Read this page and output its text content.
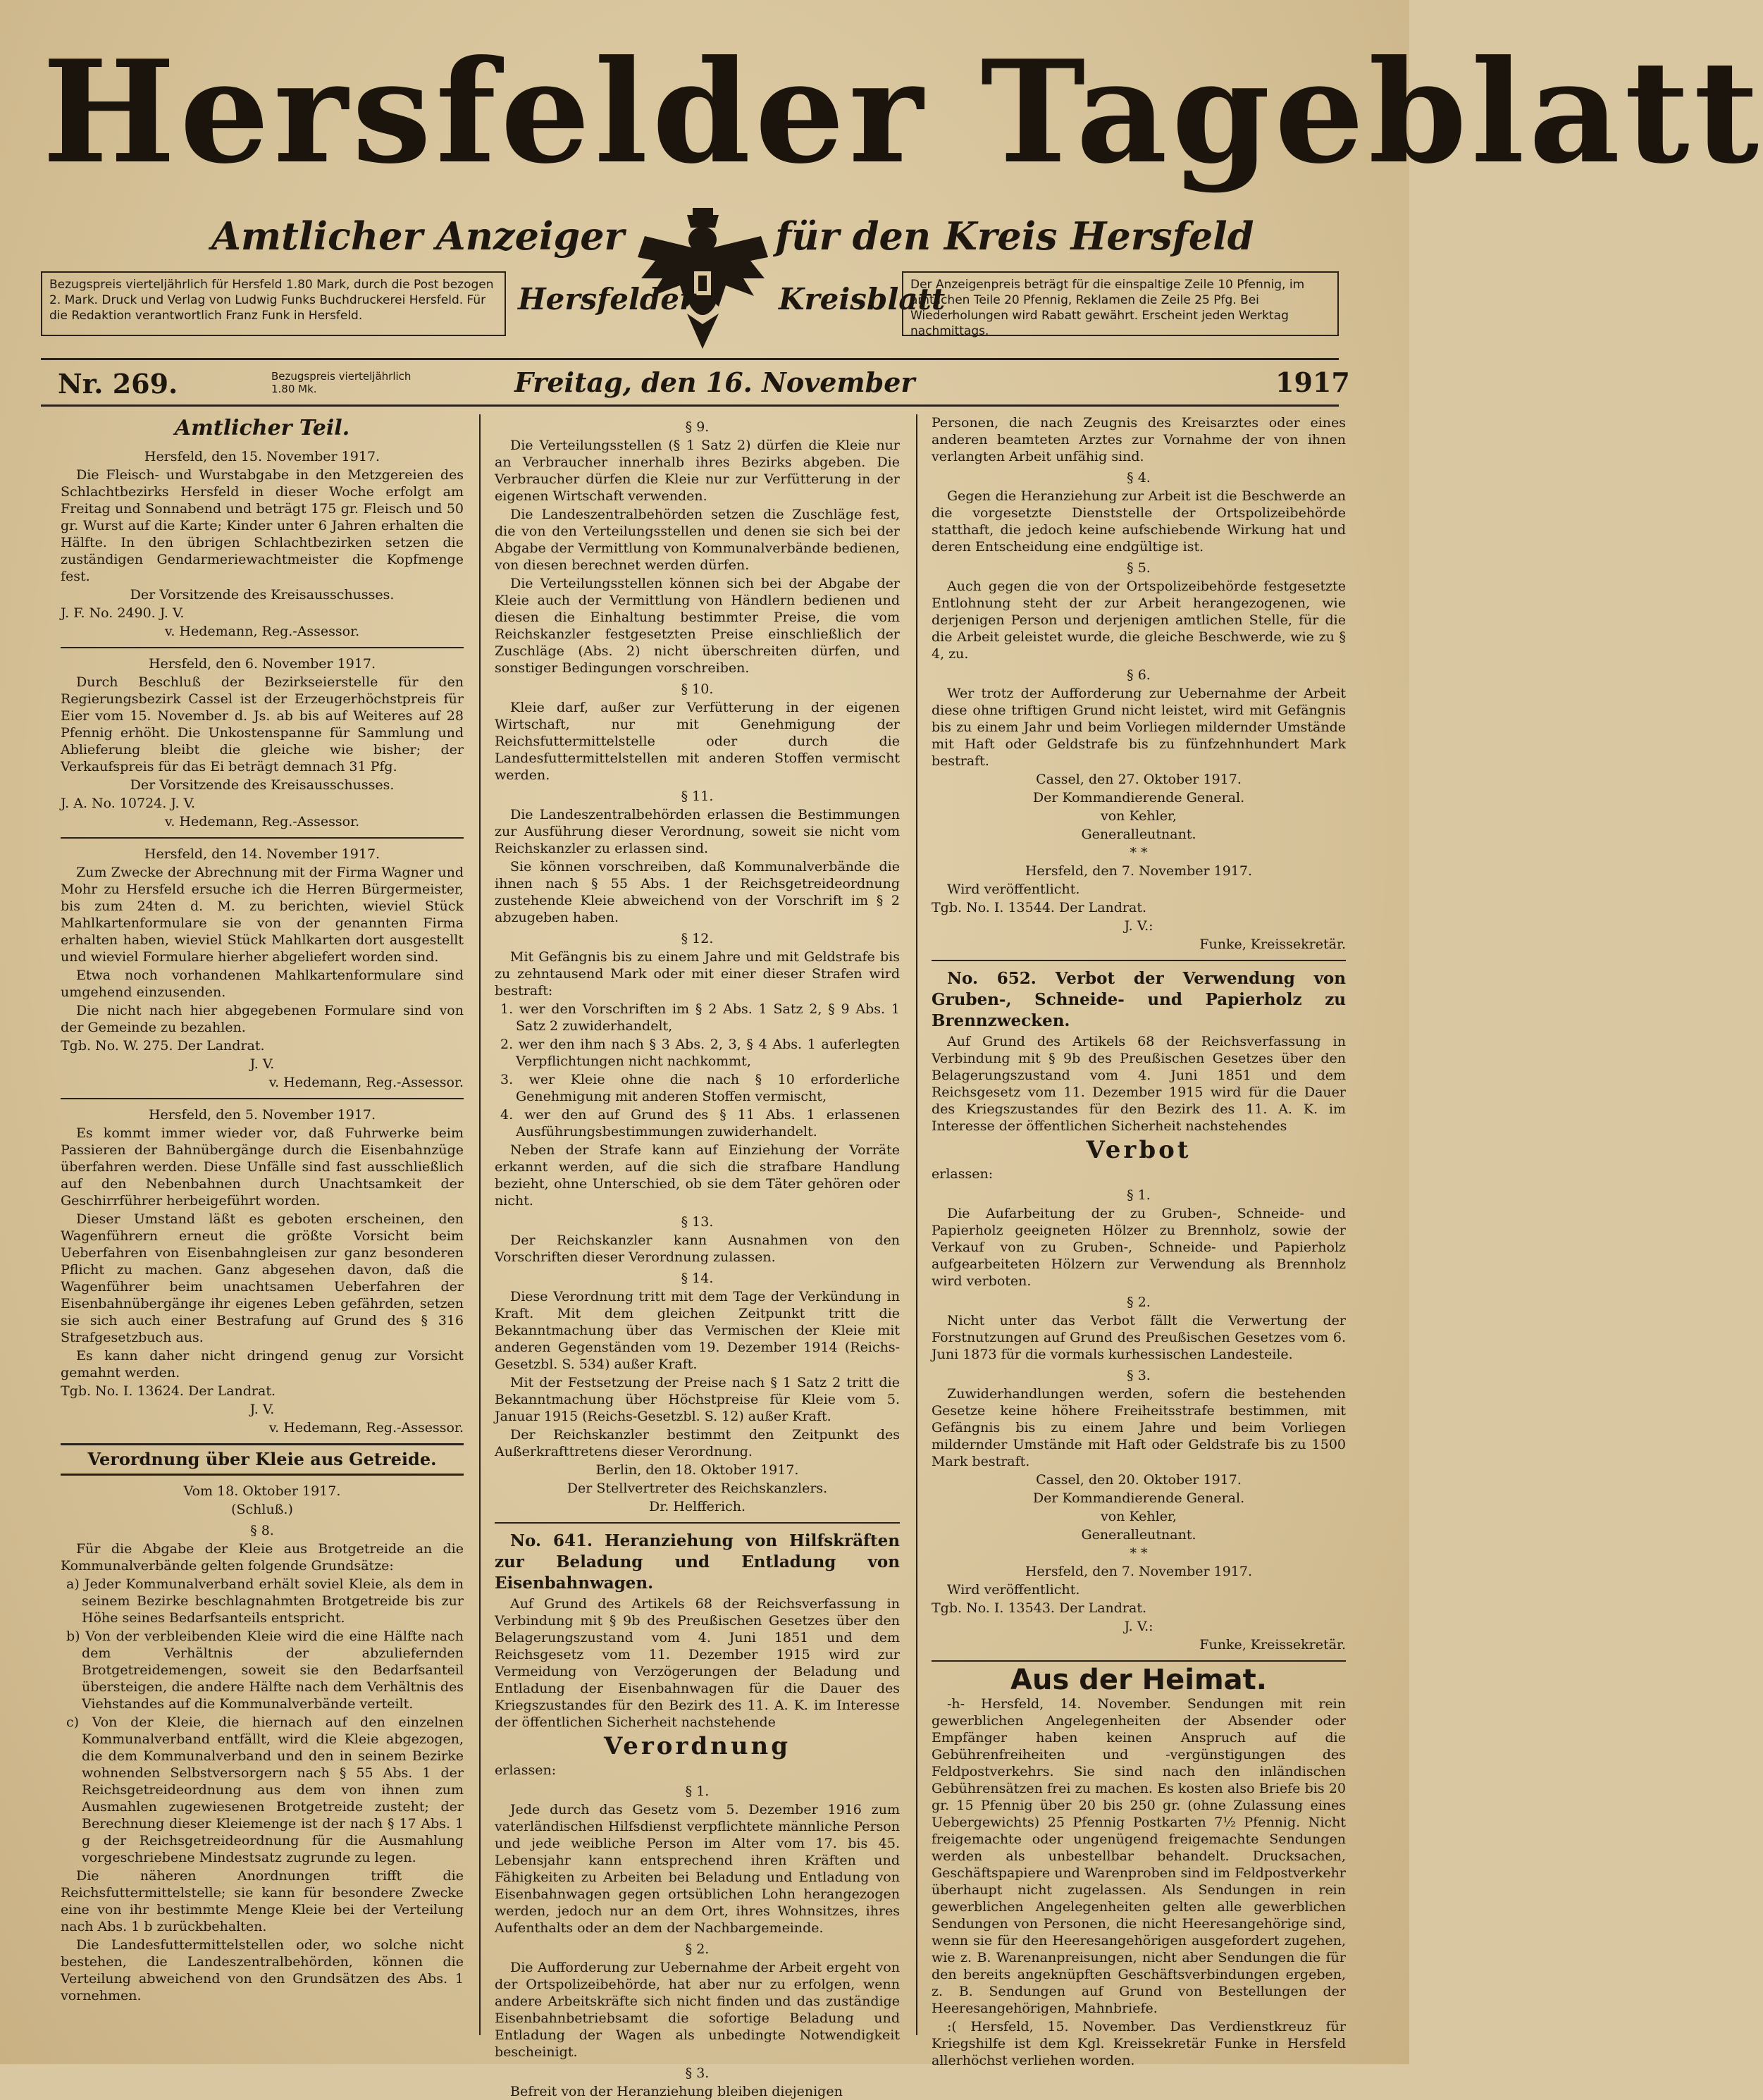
Hersfelder Tageblatt
Amtlicher Anzeiger	für den Kreis Hersfeld
Hersfelder	Kreisblatt
Bezugspreis vierteljährlich für Hersfeld 1.80 Mark, durch die Post bezogen 2. Mark. Druck und Verlag von Ludwig Funks Buchdruckerei Hersfeld. Für die Redaktion verantwortlich Franz Funk in Hersfeld.
Der Anzeigenpreis beträgt für die einspaltige Zeile 10 Pfennig, im amtlichen Teile 20 Pfennig, Reklamen die Zeile 25 Pfg. Bei Wiederholungen wird Rabatt gewährt. Erscheint jeden Werktag nachmittags.
Nr. 269.	Bezugspreis vierteljährlich
1.80 Mk.	Freitag, den 16. November	1917
Amtlicher Teil.

Hersfeld, den 15. November 1917.

Die Fleisch- und Wurstabgabe in den Metzgereien des Schlachtbezirks Hersfeld in dieser Woche erfolgt am Freitag und Sonnabend und beträgt 175 gr. Fleisch und 50 gr. Wurst auf die Karte; Kinder unter 6 Jahren erhalten die Hälfte. In den übrigen Schlachtbezirken setzen die zuständigen Gendarmeriewachtmeister die Kopfmenge fest.

Der Vorsitzende des Kreisausschusses.

J. F. No. 2490. J. V.

v. Hedemann, Reg.-Assessor.

Hersfeld, den 6. November 1917.

Durch Beschluß der Bezirkseierstelle für den Regierungsbezirk Cassel ist der Erzeugerhöchstpreis für Eier vom 15. November d. Js. ab bis auf Weiteres auf 28 Pfennig erhöht. Die Unkostenspanne für Sammlung und Ablieferung bleibt die gleiche wie bisher; der Verkaufspreis für das Ei beträgt demnach 31 Pfg.

Der Vorsitzende des Kreisausschusses.

J. A. No. 10724. J. V.

v. Hedemann, Reg.-Assessor.

Hersfeld, den 14. November 1917.

Zum Zwecke der Abrechnung mit der Firma Wagner und Mohr zu Hersfeld ersuche ich die Herren Bürgermeister, bis zum 24ten d. M. zu berichten, wieviel Stück Mahlkartenformulare sie von der genannten Firma erhalten haben, wieviel Stück Mahlkarten dort ausgestellt und wieviel Formulare hierher abgeliefert worden sind.

Etwa noch vorhandenen Mahlkartenformulare sind umgehend einzusenden.

Die nicht nach hier abgegebenen Formulare sind von der Gemeinde zu bezahlen.

Tgb. No. W. 275. Der Landrat.

J. V.

v. Hedemann, Reg.-Assessor.

Hersfeld, den 5. November 1917.

Es kommt immer wieder vor, daß Fuhrwerke beim Passieren der Bahnübergänge durch die Eisenbahnzüge überfahren werden. Diese Unfälle sind fast ausschließlich auf den Nebenbahnen durch Unachtsamkeit der Geschirrführer herbeigeführt worden.

Dieser Umstand läßt es geboten erscheinen, den Wagenführern erneut die größte Vorsicht beim Ueberfahren von Eisenbahngleisen zur ganz besonderen Pflicht zu machen. Ganz abgesehen davon, daß die Wagenführer beim unachtsamen Ueberfahren der Eisenbahnübergänge ihr eigenes Leben gefährden, setzen sie sich auch einer Bestrafung auf Grund des § 316 Strafgesetzbuch aus.

Es kann daher nicht dringend genug zur Vorsicht gemahnt werden.

Tgb. No. I. 13624. Der Landrat.

J. V.

v. Hedemann, Reg.-Assessor.

Verordnung über Kleie aus Getreide.

Vom 18. Oktober 1917.

(Schluß.)

§ 8.

Für die Abgabe der Kleie aus Brotgetreide an die Kommunalverbände gelten folgende Grundsätze:

a) Jeder Kommunalverband erhält soviel Kleie, als dem in seinem Bezirke beschlagnahmten Brotgetreide bis zur Höhe seines Bedarfsanteils entspricht.

b) Von der verbleibenden Kleie wird die eine Hälfte nach dem Verhältnis der abzuliefernden Brotgetreidemengen, soweit sie den Bedarfsanteil übersteigen, die andere Hälfte nach dem Verhältnis des Viehstandes auf die Kommunalverbände verteilt.

c) Von der Kleie, die hiernach auf den einzelnen Kommunalverband entfällt, wird die Kleie abgezogen, die dem Kommunalverband und den in seinem Bezirke wohnenden Selbstversorgern nach § 55 Abs. 1 der Reichsgetreideordnung aus dem von ihnen zum Ausmahlen zugewiesenen Brotgetreide zusteht; der Berechnung dieser Kleiemenge ist der nach § 17 Abs. 1 g der Reichsgetreideordnung für die Ausmahlung vorgeschriebene Mindestsatz zugrunde zu legen.

Die näheren Anordnungen trifft die Reichsfuttermittelstelle; sie kann für besondere Zwecke eine von ihr bestimmte Menge Kleie bei der Verteilung nach Abs. 1 b zurückbehalten.

Die Landesfuttermittelstellen oder, wo solche nicht bestehen, die Landeszentralbehörden, können die Verteilung abweichend von den Grundsätzen des Abs. 1 vornehmen.

§ 9.

Die Verteilungsstellen (§ 1 Satz 2) dürfen die Kleie nur an Verbraucher innerhalb ihres Bezirks abgeben. Die Verbraucher dürfen die Kleie nur zur Verfütterung in der eigenen Wirtschaft verwenden.

Die Landeszentralbehörden setzen die Zuschläge fest, die von den Verteilungsstellen und denen sie sich bei der Abgabe der Vermittlung von Kommunalverbände bedienen, von diesen berechnet werden dürfen.

Die Verteilungsstellen können sich bei der Abgabe der Kleie auch der Vermittlung von Händlern bedienen und diesen die Einhaltung bestimmter Preise, die vom Reichskanzler festgesetzten Preise einschließlich der Zuschläge (Abs. 2) nicht überschreiten dürfen, und sonstiger Bedingungen vorschreiben.

§ 10.

Kleie darf, außer zur Verfütterung in der eigenen Wirtschaft, nur mit Genehmigung der Reichsfuttermittelstelle oder durch die Landesfuttermittelstellen mit anderen Stoffen vermischt werden.

§ 11.

Die Landeszentralbehörden erlassen die Bestimmungen zur Ausführung dieser Verordnung, soweit sie nicht vom Reichskanzler zu erlassen sind.

Sie können vorschreiben, daß Kommunalverbände die ihnen nach § 55 Abs. 1 der Reichsgetreideordnung zustehende Kleie abweichend von der Vorschrift im § 2 abzugeben haben.

§ 12.

Mit Gefängnis bis zu einem Jahre und mit Geldstrafe bis zu zehntausend Mark oder mit einer dieser Strafen wird bestraft:

1. wer den Vorschriften im § 2 Abs. 1 Satz 2, § 9 Abs. 1 Satz 2 zuwiderhandelt,

2. wer den ihm nach § 3 Abs. 2, 3, § 4 Abs. 1 auferlegten Verpflichtungen nicht nachkommt,

3. wer Kleie ohne die nach § 10 erforderliche Genehmigung mit anderen Stoffen vermischt,

4. wer den auf Grund des § 11 Abs. 1 erlassenen Ausführungsbestimmungen zuwiderhandelt.

Neben der Strafe kann auf Einziehung der Vorräte erkannt werden, auf die sich die strafbare Handlung bezieht, ohne Unterschied, ob sie dem Täter gehören oder nicht.

§ 13.

Der Reichskanzler kann Ausnahmen von den Vorschriften dieser Verordnung zulassen.

§ 14.

Diese Verordnung tritt mit dem Tage der Verkündung in Kraft. Mit dem gleichen Zeitpunkt tritt die Bekanntmachung über das Vermischen der Kleie mit anderen Gegenständen vom 19. Dezember 1914 (Reichs-Gesetzbl. S. 534) außer Kraft.

Mit der Festsetzung der Preise nach § 1 Satz 2 tritt die Bekanntmachung über Höchstpreise für Kleie vom 5. Januar 1915 (Reichs-Gesetzbl. S. 12) außer Kraft.

Der Reichskanzler bestimmt den Zeitpunkt des Außerkrafttretens dieser Verordnung.

Berlin, den 18. Oktober 1917.

Der Stellvertreter des Reichskanzlers.

Dr. Helfferich.

No. 641. Heranziehung von Hilfskräften zur Beladung und Entladung von Eisenbahnwagen.

Auf Grund des Artikels 68 der Reichsverfassung in Verbindung mit § 9b des Preußischen Gesetzes über den Belagerungszustand vom 4. Juni 1851 und dem Reichsgesetz vom 11. Dezember 1915 wird zur Vermeidung von Verzögerungen der Beladung und Entladung der Eisenbahnwagen für die Dauer des Kriegszustandes für den Bezirk des 11. A. K. im Interesse der öffentlichen Sicherheit nachstehende

Verordnung

erlassen:

§ 1.

Jede durch das Gesetz vom 5. Dezember 1916 zum vaterländischen Hilfsdienst verpflichtete männliche Person und jede weibliche Person im Alter vom 17. bis 45. Lebensjahr kann entsprechend ihren Kräften und Fähigkeiten zu Arbeiten bei Beladung und Entladung von Eisenbahnwagen gegen ortsüblichen Lohn herangezogen werden, jedoch nur an dem Ort, ihres Wohnsitzes, ihres Aufenthalts oder an dem der Nachbargemeinde.

§ 2.

Die Aufforderung zur Uebernahme der Arbeit ergeht von der Ortspolizeibehörde, hat aber nur zu erfolgen, wenn andere Arbeitskräfte sich nicht finden und das zuständige Eisenbahnbetriebsamt die sofortige Beladung und Entladung der Wagen als unbedingte Notwendigkeit bescheinigt.

§ 3.

Befreit von der Heranziehung bleiben diejenigen

Personen, die nach Zeugnis des Kreisarztes oder eines anderen beamteten Arztes zur Vornahme der von ihnen verlangten Arbeit unfähig sind.

§ 4.

Gegen die Heranziehung zur Arbeit ist die Beschwerde an die vorgesetzte Dienststelle der Ortspolizeibehörde statthaft, die jedoch keine aufschiebende Wirkung hat und deren Entscheidung eine endgültige ist.

§ 5.

Auch gegen die von der Ortspolizeibehörde festgesetzte Entlohnung steht der zur Arbeit herangezogenen, wie derjenigen Person und derjenigen amtlichen Stelle, für die die Arbeit geleistet wurde, die gleiche Beschwerde, wie zu § 4, zu.

§ 6.

Wer trotz der Aufforderung zur Uebernahme der Arbeit diese ohne triftigen Grund nicht leistet, wird mit Gefängnis bis zu einem Jahr und beim Vorliegen mildernder Umstände mit Haft oder Geldstrafe bis zu fünfzehnhundert Mark bestraft.

Cassel, den 27. Oktober 1917.

Der Kommandierende General.

von Kehler,

Generalleutnant.

* *

Hersfeld, den 7. November 1917.

Wird veröffentlicht.

Tgb. No. I. 13544. Der Landrat.

J. V.:

Funke, Kreissekretär.

No. 652. Verbot der Verwendung von Gruben-, Schneide- und Papierholz zu Brennzwecken.

Auf Grund des Artikels 68 der Reichsverfassung in Verbindung mit § 9b des Preußischen Gesetzes über den Belagerungszustand vom 4. Juni 1851 und dem Reichsgesetz vom 11. Dezember 1915 wird für die Dauer des Kriegszustandes für den Bezirk des 11. A. K. im Interesse der öffentlichen Sicherheit nachstehendes

Verbot

erlassen:

§ 1.

Die Aufarbeitung der zu Gruben-, Schneide- und Papierholz geeigneten Hölzer zu Brennholz, sowie der Verkauf von zu Gruben-, Schneide- und Papierholz aufgearbeiteten Hölzern zur Verwendung als Brennholz wird verboten.

§ 2.

Nicht unter das Verbot fällt die Verwertung der Forstnutzungen auf Grund des Preußischen Gesetzes vom 6. Juni 1873 für die vormals kurhessischen Landesteile.

§ 3.

Zuwiderhandlungen werden, sofern die bestehenden Gesetze keine höhere Freiheitsstrafe bestimmen, mit Gefängnis bis zu einem Jahre und beim Vorliegen mildernder Umstände mit Haft oder Geldstrafe bis zu 1500 Mark bestraft.

Cassel, den 20. Oktober 1917.

Der Kommandierende General.

von Kehler,

Generalleutnant.

* *

Hersfeld, den 7. November 1917.

Wird veröffentlicht.

Tgb. No. I. 13543. Der Landrat.

J. V.:

Funke, Kreissekretär.

Aus der Heimat.

-h- Hersfeld, 14. November. Sendungen mit rein gewerblichen Angelegenheiten der Absender oder Empfänger haben keinen Anspruch auf die Gebührenfreiheiten und -vergünstigungen des Feldpostverkehrs. Sie sind nach den inländischen Gebührensätzen frei zu machen. Es kosten also Briefe bis 20 gr. 15 Pfennig über 20 bis 250 gr. (ohne Zulassung eines Uebergewichts) 25 Pfennig Postkarten 7½ Pfennig. Nicht freigemachte oder ungenügend freigemachte Sendungen werden als unbestellbar behandelt. Drucksachen, Geschäftspapiere und Warenproben sind im Feldpostverkehr überhaupt nicht zugelassen. Als Sendungen in rein gewerblichen Angelegenheiten gelten alle gewerblichen Sendungen von Personen, die nicht Heeresangehörige sind, wenn sie für den Heeresangehörigen ausgefordert zugehen, wie z. B. Warenanpreisungen, nicht aber Sendungen die für den bereits angeknüpften Geschäftsverbindungen ergeben, z. B. Sendungen auf Grund von Bestellungen der Heeresangehörigen, Mahnbriefe.

:( Hersfeld, 15. November. Das Verdienstkreuz für Kriegshilfe ist dem Kgl. Kreissekretär Funke in Hersfeld allerhöchst verliehen worden.
